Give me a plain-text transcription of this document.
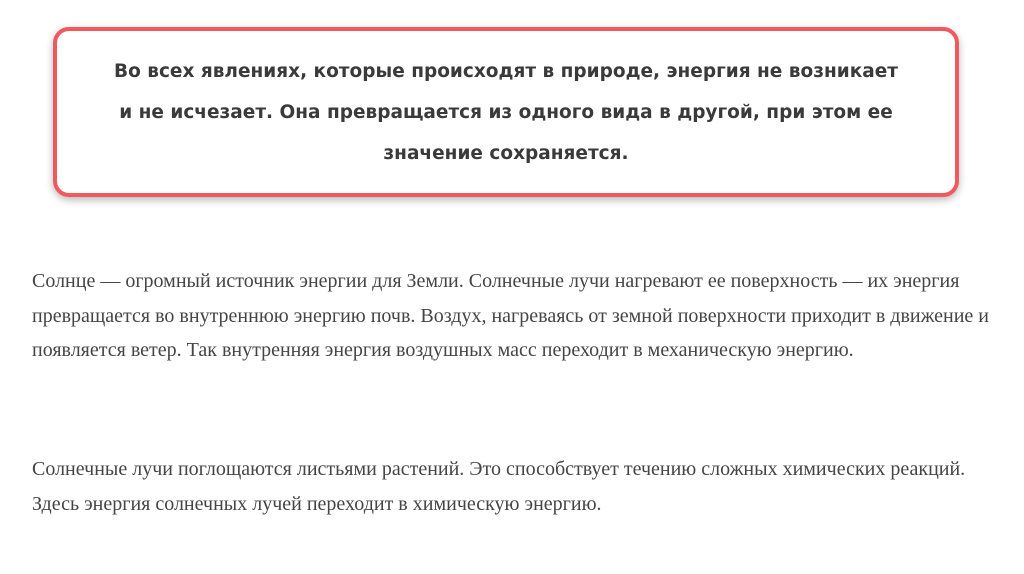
Во всех явлениях, которые происходят в природе, энергия не возникает и не исчезает. Она превращается из одного вида в другой, при этом ее значение сохраняется.

Солнце — огромный источник энергии для Земли. Солнечные лучи нагревают ее поверхность — их энергия превращается во внутреннюю энергию почв. Воздух, нагреваясь от земной поверхности приходит в движение и появляется ветер. Так внутренняя энергия воздушных масс переходит в механическую энергию.

Солнечные лучи поглощаются листьями растений. Это способствует течению сложных химических реакций. Здесь энергия солнечных лучей переходит в химическую энергию.
